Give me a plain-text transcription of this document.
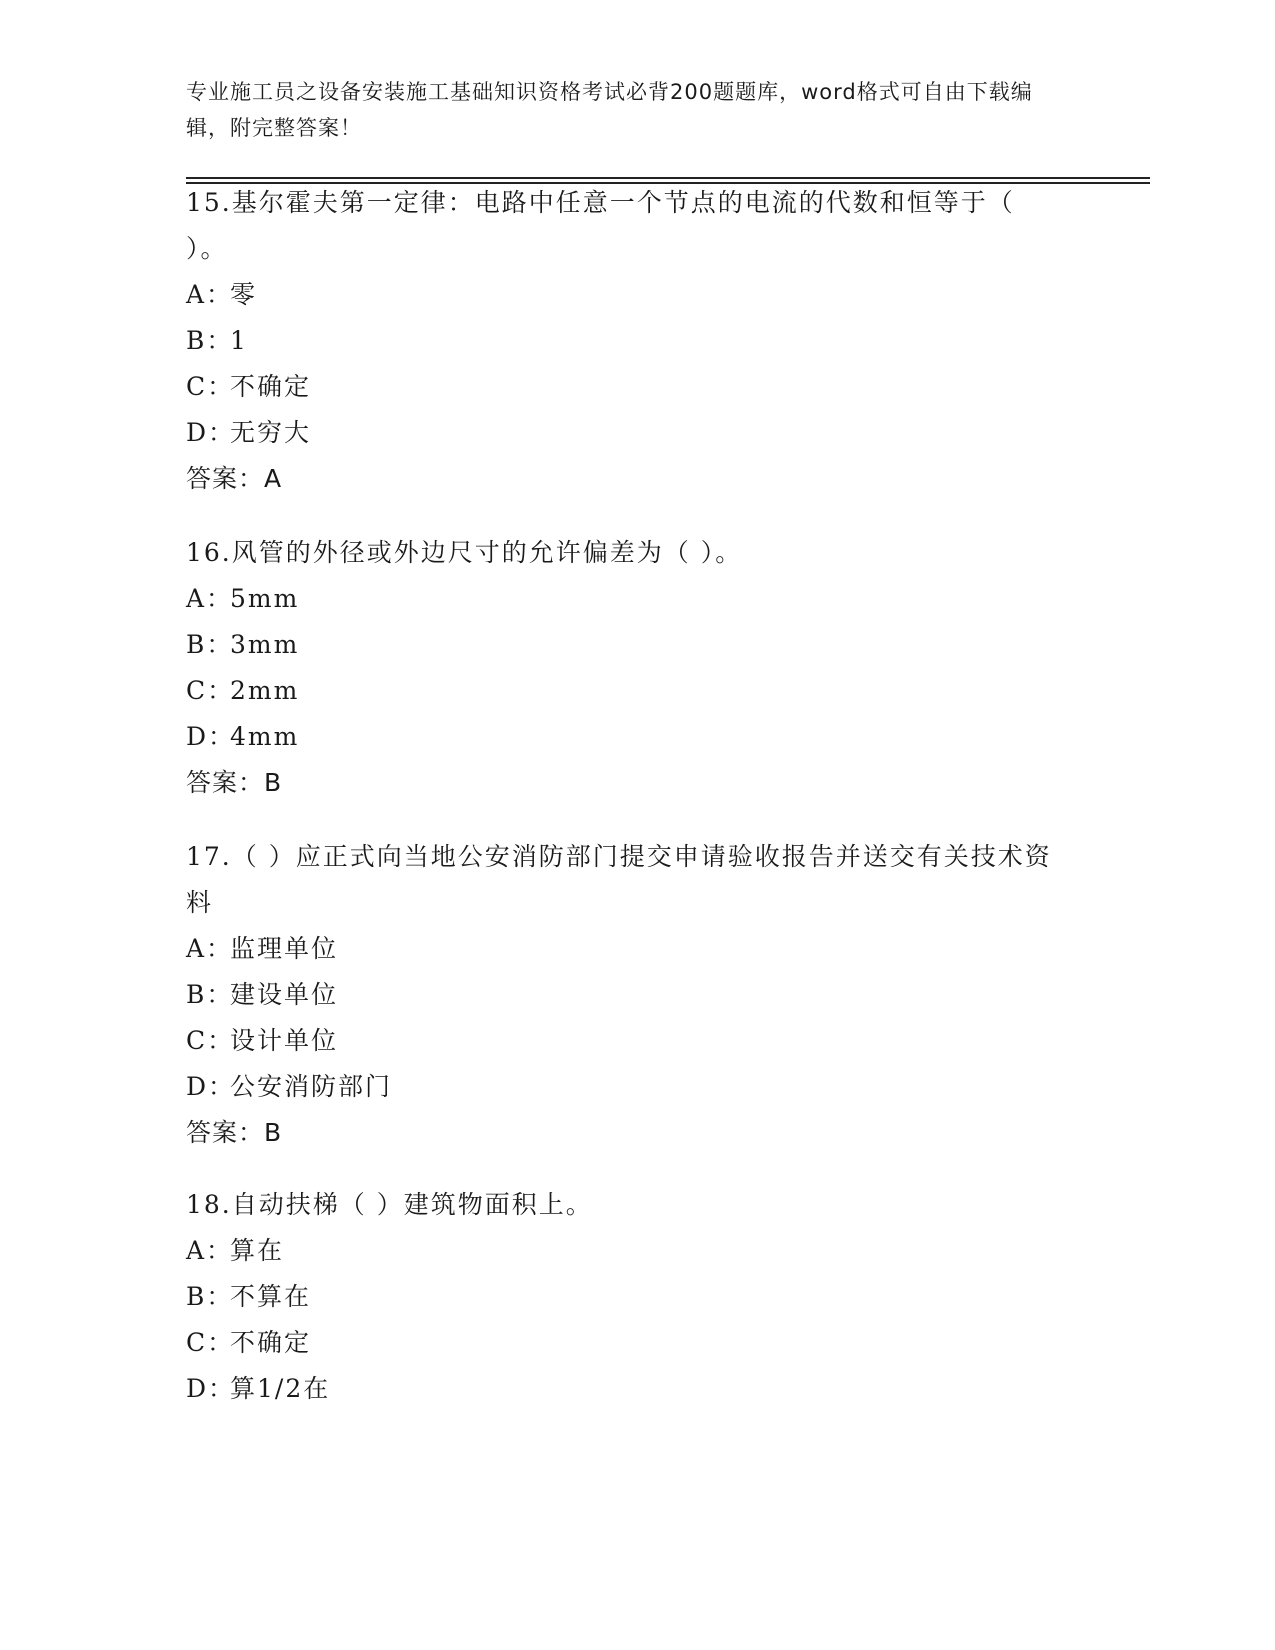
专业施工员之设备安装施工基础知识资格考试必背200题题库，word格式可自由下载编辑，附完整答案！
15.基尔霍夫第一定律：电路中任意一个节点的电流的代数和恒等于（ ）。
A：零
B：1
C：不确定
D：无穷大
答案：A
16.风管的外径或外边尺寸的允许偏差为（ ）。
A：5mm
B：3mm
C：2mm
D：4mm
答案：B
17.（ ）应正式向当地公安消防部门提交申请验收报告并送交有关技术资料
A：监理单位
B：建设单位
C：设计单位
D：公安消防部门
答案：B
18.自动扶梯（ ）建筑物面积上。
A：算在
B：不算在
C：不确定
D：算1/2在
